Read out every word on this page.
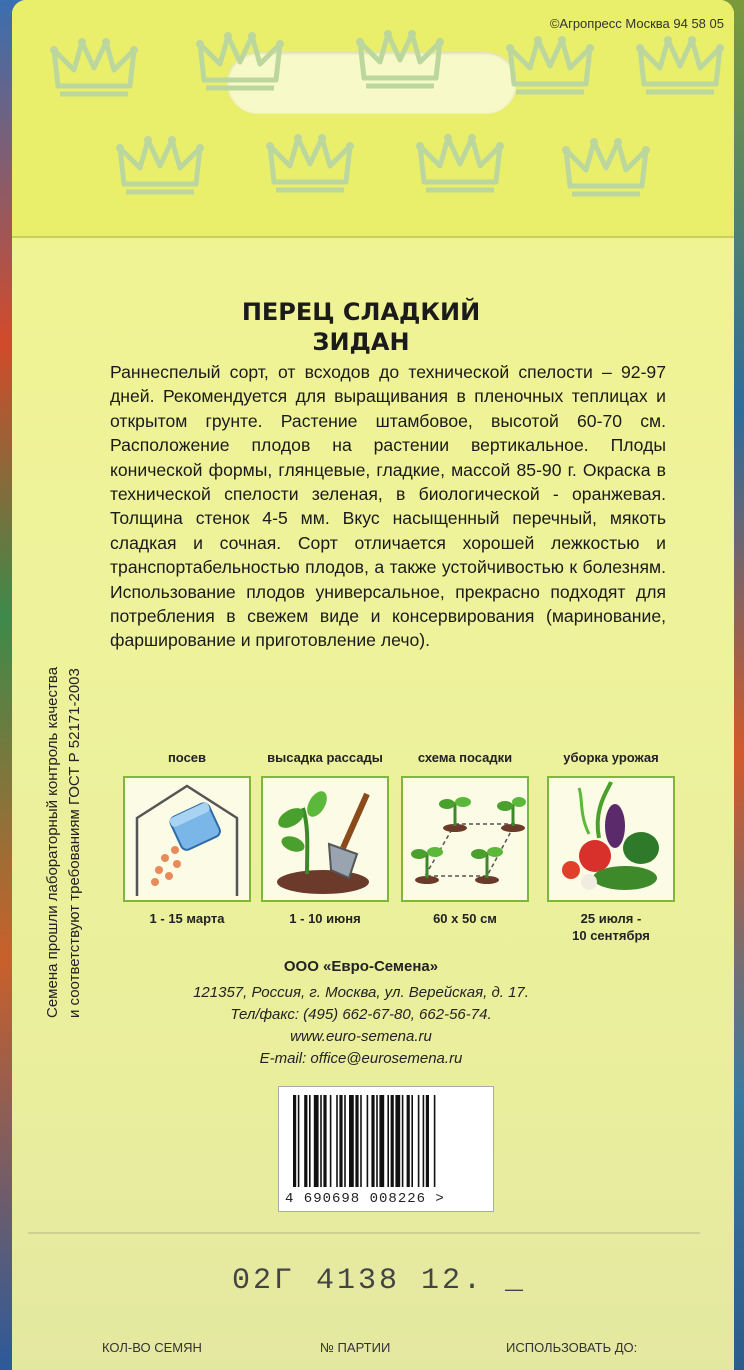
©Агропресс Москва 94 58 05
ПЕРЕЦ СЛАДКИЙ
ЗИДАН

Раннеспелый сорт, от всходов до технической спелости – 92-97 дней. Рекомендуется для выращивания в пленочных теплицах и открытом грунте. Растение штамбовое, высотой 60-70 см. Расположение плодов на растении вертикальное. Плоды конической формы, глянцевые, гладкие, массой 85-90 г. Окраска в технической спелости зеленая, в биологической - оранжевая. Толщина стенок 4-5 мм. Вкус насыщенный перечный, мякоть сладкая и сочная. Сорт отличается хорошей лежкостью и транспортабельностью плодов, а также устойчивостью к болезням. Использование плодов универсальное, прекрасно подходят для потребления в свежем виде и консервирования (маринование, фарширование и приготовление лечо).

посев
1 - 15 марта
высадка рассады
1 - 10 июня
схема посадки
60 х 50 см
уборка урожая
25 июля -
10 сентября
ООО «Евро-Семена»
121357, Россия, г. Москва, ул. Верейская, д. 17.
Тел/факс: (495) 662-67-80, 662-56-74.
www.euro-semena.ru
E-mail: office@eurosemena.ru
4 690698 008226 >
02Г 4138 12. _
КОЛ-ВО СЕМЯН	№ ПАРТИИ	ИСПОЛЬЗОВАТЬ ДО:
Семена прошли лабораторный контроль качества и соответствуют требованиям ГОСТ Р 52171-2003
